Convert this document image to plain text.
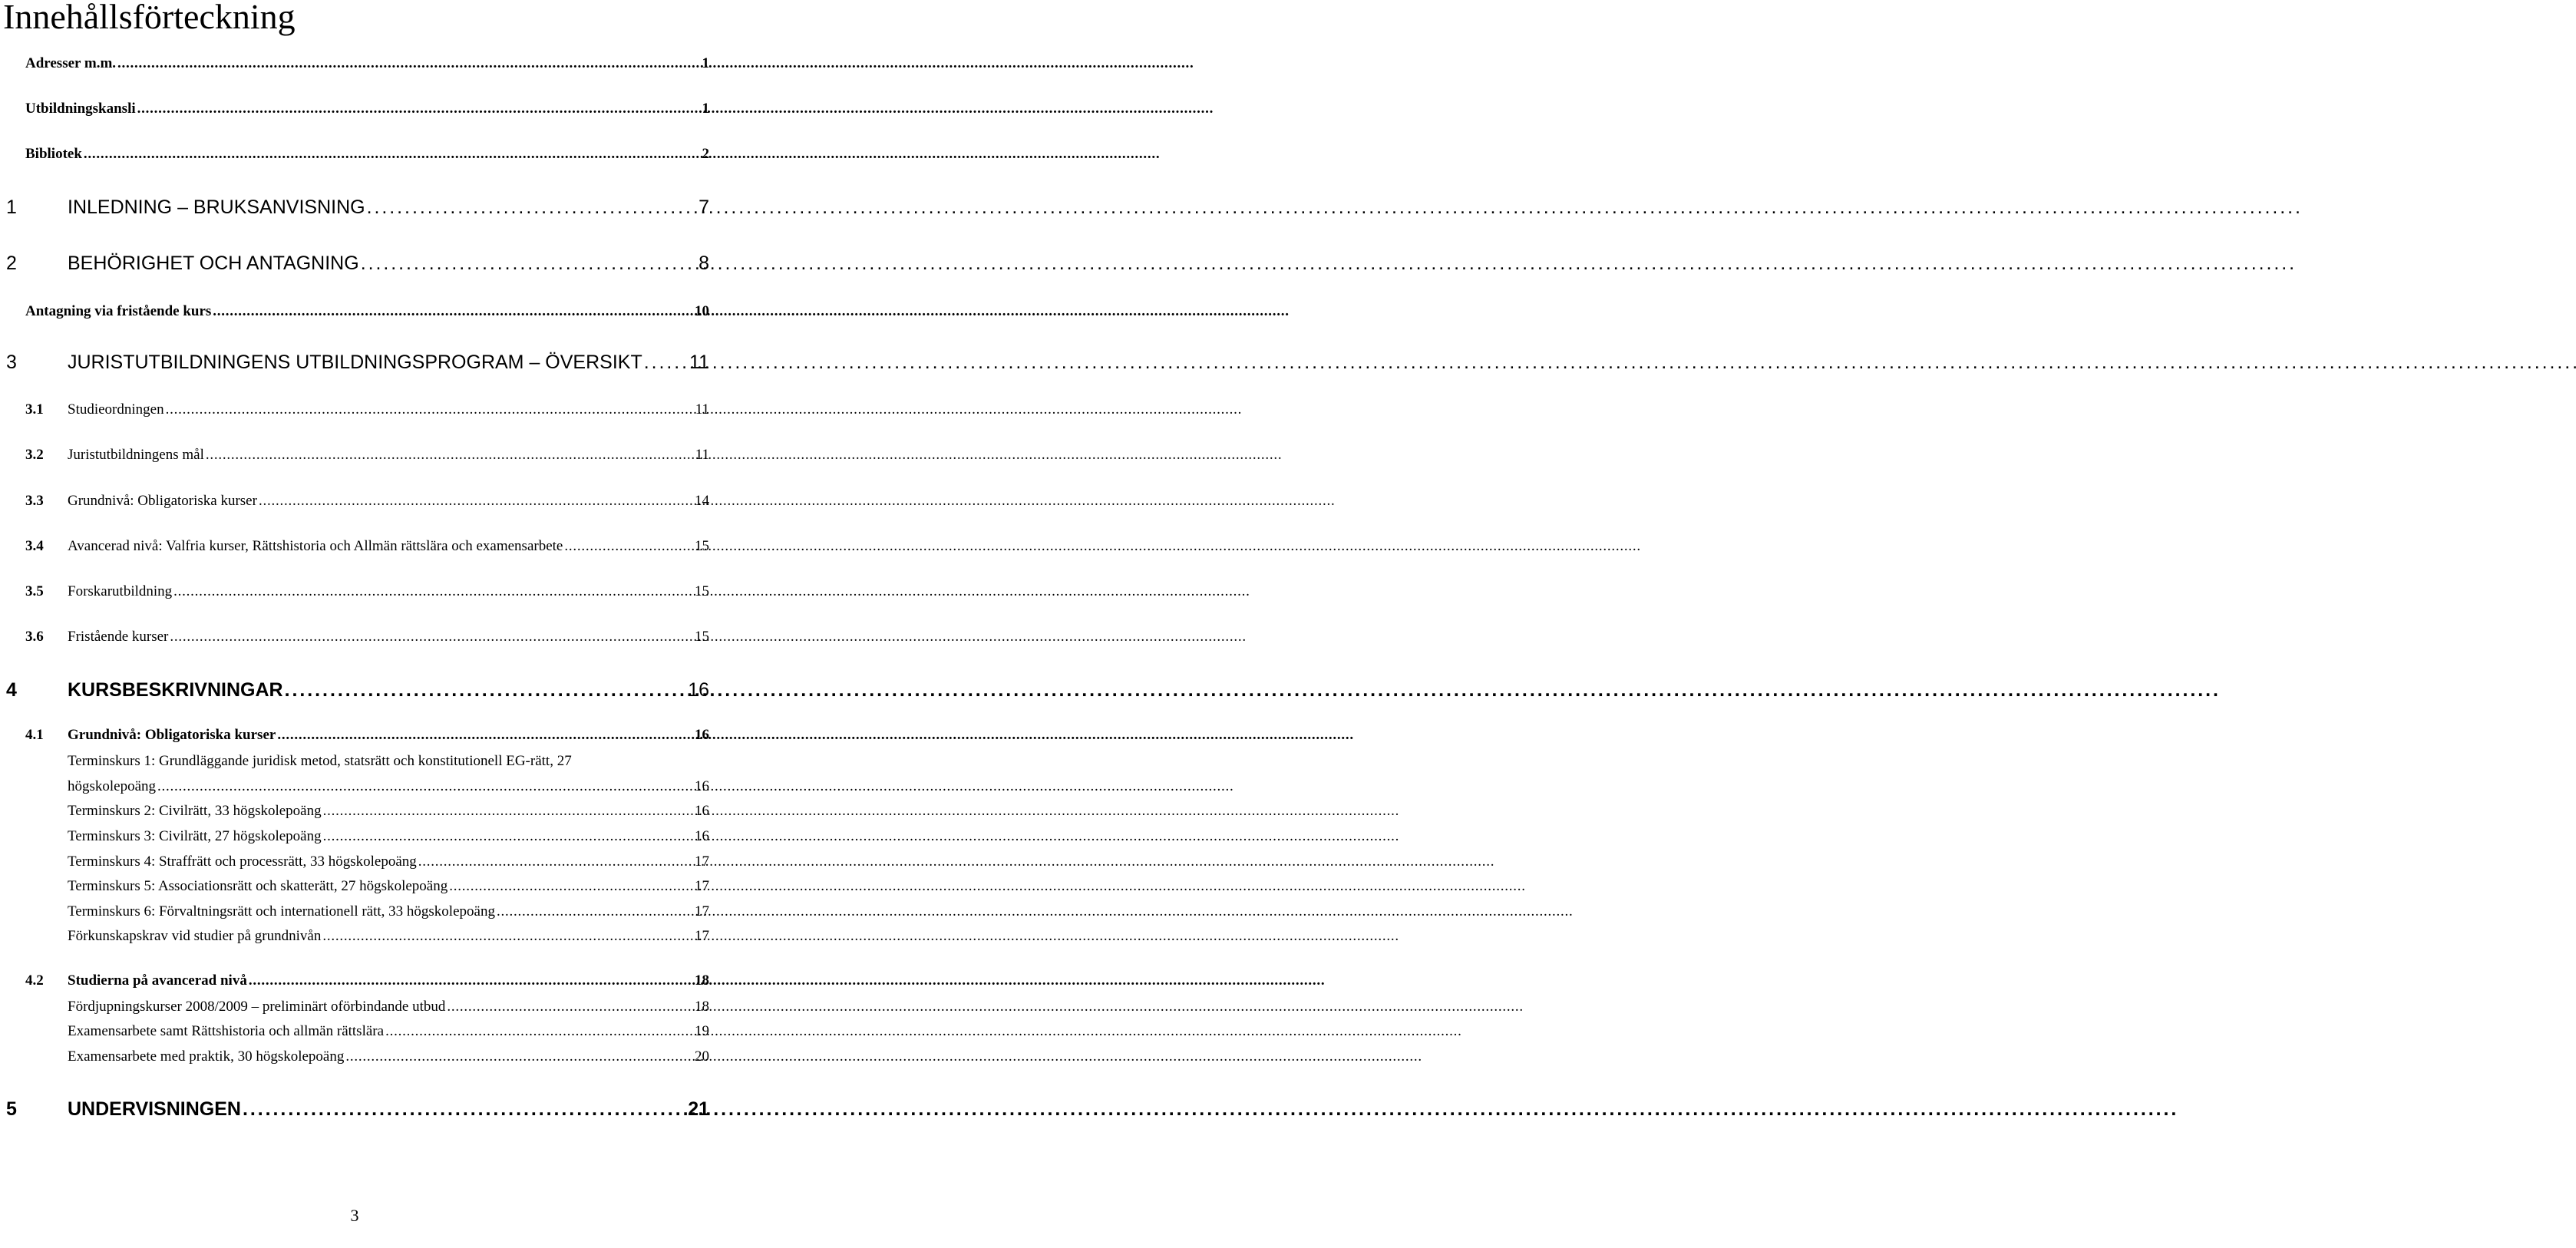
Innehållsförteckning
Adresser m.m. . . .	1
Utbildningskansli . . .	1
Bibliotek . . .	2
1	INLEDNING – BRUKSANVISNING . . .	7
2	BEHÖRIGHET OCH ANTAGNING . . .	8
Antagning via fristående kurs . . .	10
3	JURISTUTBILDNINGENS UTBILDNINGSPROGRAM – ÖVERSIKT . . . 11
3.1	Studieordningen . . .	11
3.2	Juristutbildningens mål . . .	11
3.3	Grundnivå: Obligatoriska kurser . . .	14
3.4	Avancerad nivå: Valfria kurser, Rättshistoria och Allmän rättslära och examensarbete . . .	15
3.5	Forskarutbildning . . .	15
3.6	Fristående kurser . . .	15
4	KURSBESKRIVNINGAR . . .	16
4.1	Grundnivå: Obligatoriska kurser . . .	16
Terminskurs 1: Grundläggande juridisk metod, statsrätt och konstitutionell EG-rätt, 27
högskolepoäng . . .	16
Terminskurs 2: Civilrätt, 33 högskolepoäng . . .	16
Terminskurs 3: Civilrätt, 27 högskolepoäng . . .	16
Terminskurs 4: Straffrätt och processrätt, 33 högskolepoäng . . .	17
Terminskurs 5: Associationsrätt och skatterätt, 27 högskolepoäng . . .	17
Terminskurs 6: Förvaltningsrätt och internationell rätt, 33 högskolepoäng . . .	17
Förkunskapskrav vid studier på grundnivån . . .	17
4.2	Studierna på avancerad nivå . . .	18
Fördjupningskurser 2008/2009 – preliminärt oförbindande utbud . . .	18
Examensarbete samt Rättshistoria och allmän rättslära . . .	19
Examensarbete med praktik, 30 högskolepoäng . . .	20
5	UNDERVISNINGEN . . .	21
3
